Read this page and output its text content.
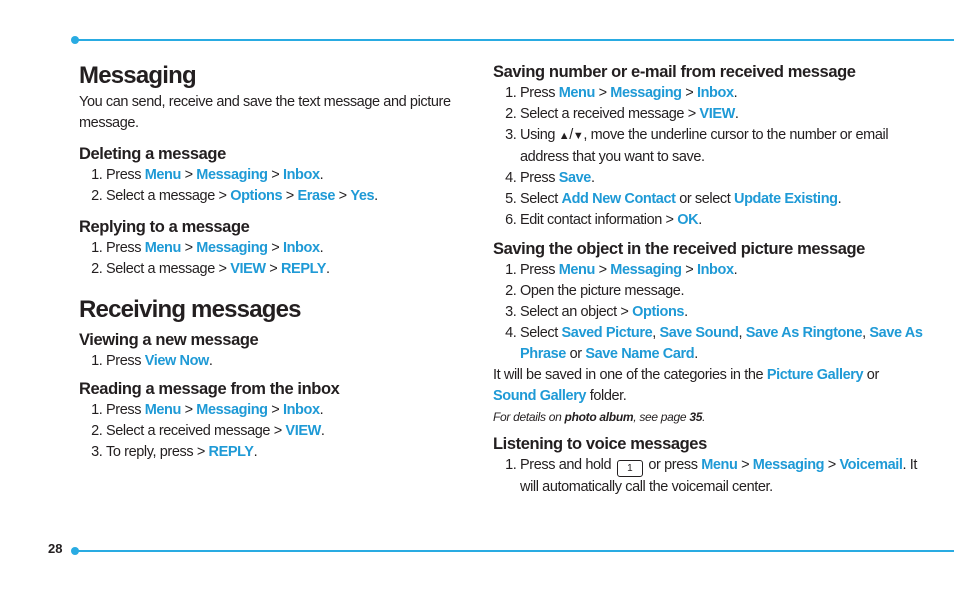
28
Messaging
You can send, receive and save the text message and picture message.
Deleting a message
1. Press Menu > Messaging > Inbox.
2. Select a message > Options > Erase > Yes.
Replying to a message
1. Press Menu > Messaging > Inbox.
2. Select a message > VIEW > REPLY.
Receiving messages
Viewing a new message
1. Press View Now.
Reading a message from the inbox
1. Press Menu > Messaging > Inbox.
2. Select a received message > VIEW.
3. To reply, press > REPLY.
Saving number or e-mail from received message
1. Press Menu > Messaging > Inbox.
2. Select a received message > VIEW.
3. Using ▲/▼, move the underline cursor to the number or email address that you want to save.
4. Press Save.
5. Select Add New Contact or select Update Existing.
6. Edit contact information > OK.
Saving the object in the received picture message
1. Press Menu > Messaging > Inbox.
2. Open the picture message.
3. Select an object > Options.
4. Select Saved Picture, Save Sound, Save As Ringtone, Save As Phrase or Save Name Card.
It will be saved in one of the categories in the Picture Gallery or Sound Gallery folder.
For details on photo album, see page 35.
Listening to voice messages
1. Press and hold 1 or press Menu > Messaging > Voicemail. It will automatically call the voicemail center.
